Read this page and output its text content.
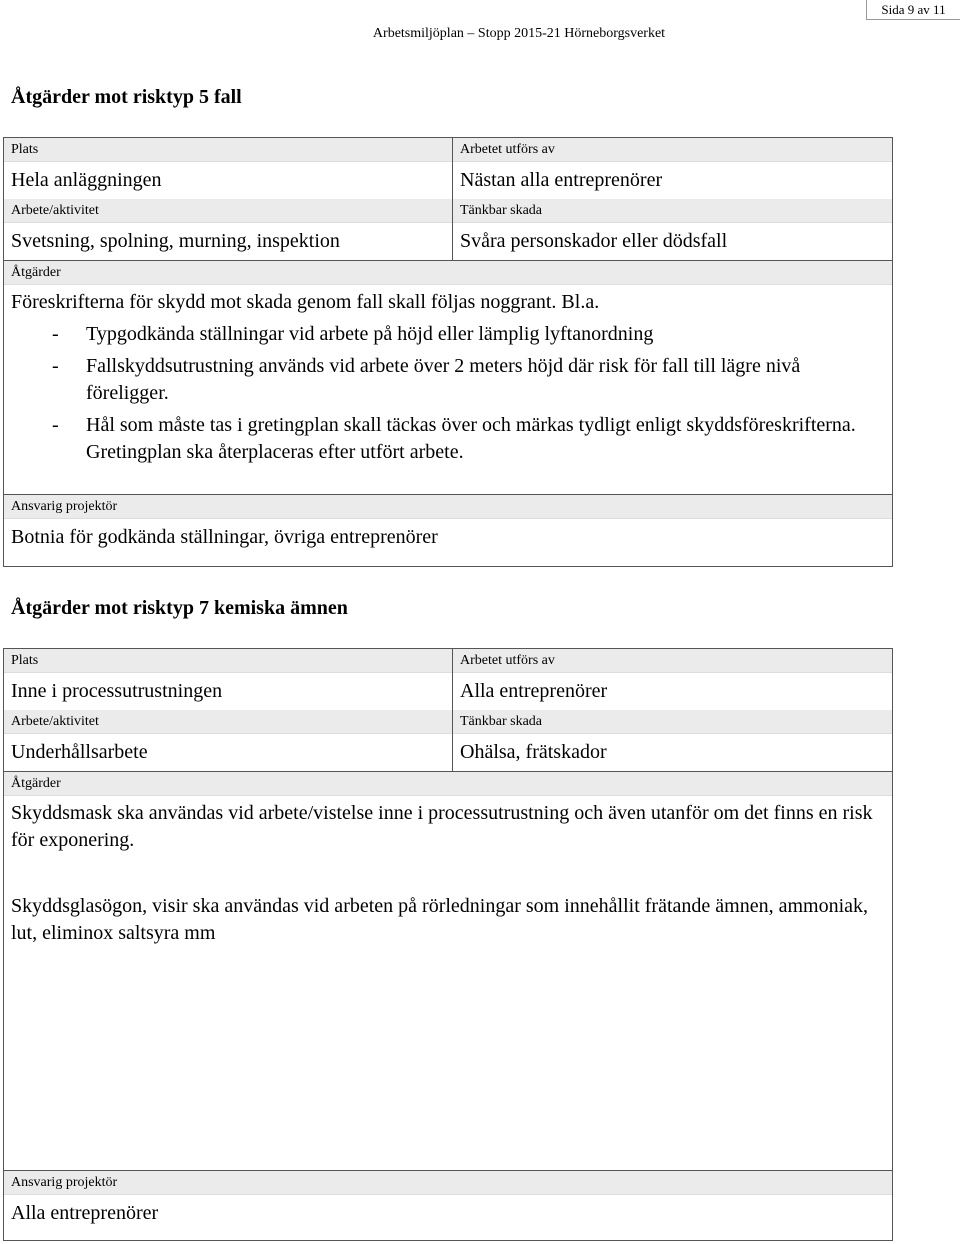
Sida 9 av 11
Arbetsmiljöplan – Stopp 2015-21 Hörneborgsverket
Åtgärder mot risktyp 5 fall
Plats
Hela anläggningen
Arbete/aktivitet
Svetsning, spolning, murning, inspektion
Arbetet utförs av
Nästan alla entreprenörer
Tänkbar skada
Svåra personskador eller dödsfall
Åtgärder
Föreskrifterna för skydd mot skada genom fall skall följas noggrant. Bl.a.
- Typgodkända ställningar vid arbete på höjd eller lämplig lyftanordning
- Fallskyddsutrustning används vid arbete över 2 meters höjd där risk för fall till lägre nivå föreligger.
- Hål som måste tas i gretingplan skall täckas över och märkas tydligt enligt skyddsföreskrifterna. Gretingplan ska återplaceras efter utfört arbete.
Ansvarig projektör
Botnia för godkända ställningar, övriga entreprenörer
Åtgärder mot risktyp 7 kemiska ämnen
Plats
Inne i processutrustningen
Arbete/aktivitet
Underhållsarbete
Arbetet utförs av
Alla entreprenörer
Tänkbar skada
Ohälsa, frätskador
Åtgärder
Skyddsmask ska användas vid arbete/vistelse inne i processutrustning och även utanför om det finns en risk för exponering.
Skyddsglasögon, visir ska användas vid arbeten på rörledningar som innehållit frätande ämnen, ammoniak, lut, eliminox saltsyra mm
Ansvarig projektör
Alla entreprenörer
